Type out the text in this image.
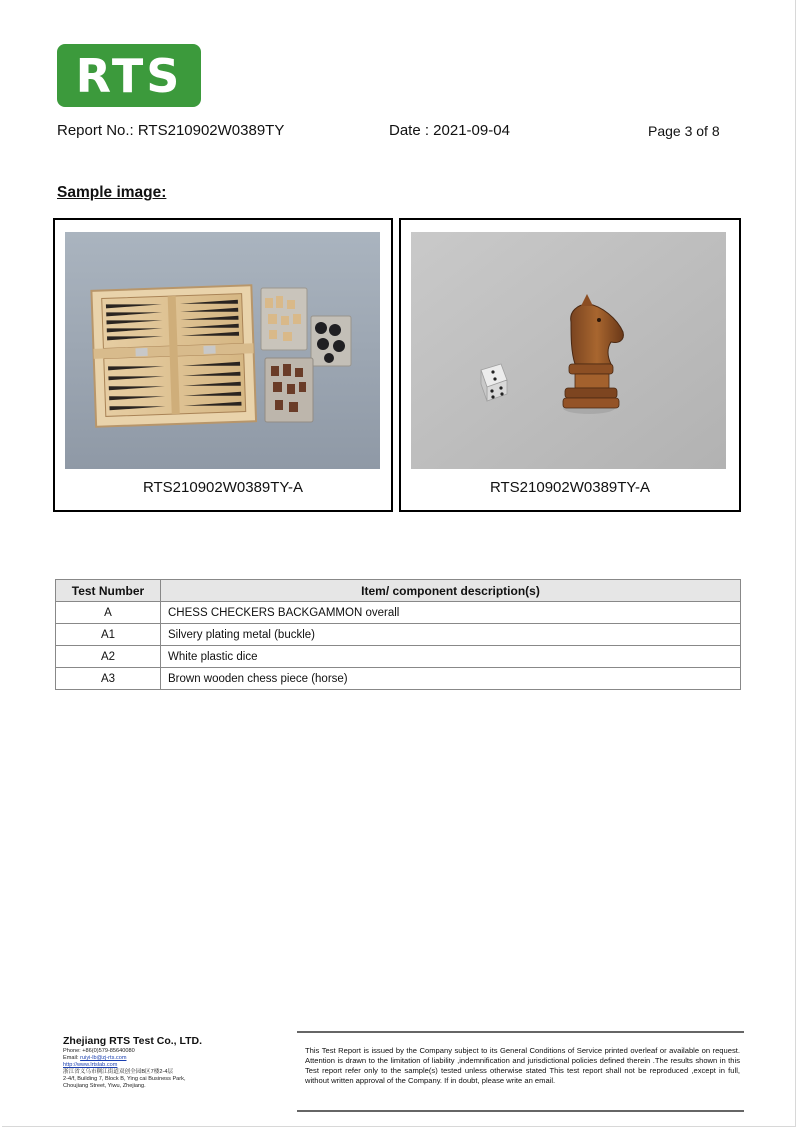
RTS
Report No.: RTS210902W0389TY	Date : 2021-09-04	Page 3 of 8
Sample image:
RTS210902W0389TY-A	RTS210902W0389TY-A
Test Number	Item/ component description(s)
A	CHESS CHECKERS BACKGAMMON overall
A1	Silvery plating metal (buckle)
A2	White plastic dice
A3	Brown wooden chess piece (horse)
Zhejiang RTS Test Co., LTD.
Phone: +86(0)579-85640080
Email: ruiyi-lb@zj-rts.com
http://www.lrtslab.com
浙江省义乌市稠江街道双创全园B区7楼2-4层
2-4/f, Building 7, Block B, Ying cai Business Park,
Choujiang Street, Yiwu, Zhejiang.
This Test Report is issued by the Company subject to its General Conditions of Service printed overleaf or available on request. Attention is drawn to the limitation of liability ,indemnification and jurisdictional policies defined therein .The results shown in this Test report refer only to the sample(s) tested unless otherwise stated This test report shall not be reproduced ,except in full, without written approval of the Company. If in doubt, please write an email.
